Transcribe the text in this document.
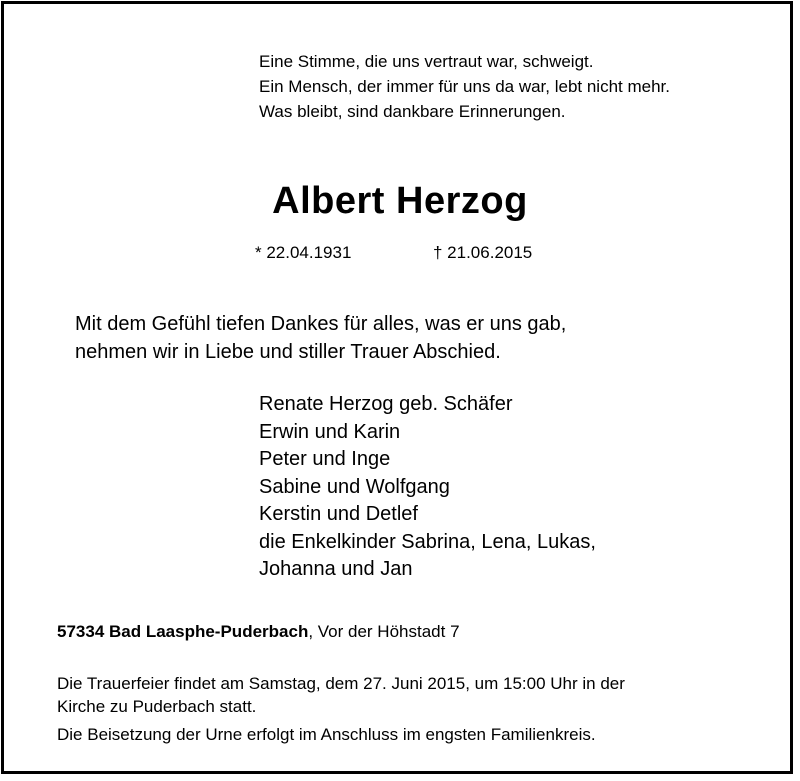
Eine Stimme, die uns vertraut war, schweigt.
Ein Mensch, der immer für uns da war, lebt nicht mehr.
Was bleibt, sind dankbare Erinnerungen.
Albert Herzog
* 22.04.1931	† 21.06.2015
Mit dem Gefühl tiefen Dankes für alles, was er uns gab,
nehmen wir in Liebe und stiller Trauer Abschied.
Renate Herzog geb. Schäfer
Erwin und Karin
Peter und Inge
Sabine und Wolfgang
Kerstin und Detlef
die Enkelkinder Sabrina, Lena, Lukas,
Johanna und Jan
57334 Bad Laasphe-Puderbach, Vor der Höhstadt 7
Die Trauerfeier findet am Samstag, dem 27. Juni 2015, um 15:00 Uhr in der
Kirche zu Puderbach statt.
Die Beisetzung der Urne erfolgt im Anschluss im engsten Familienkreis.
